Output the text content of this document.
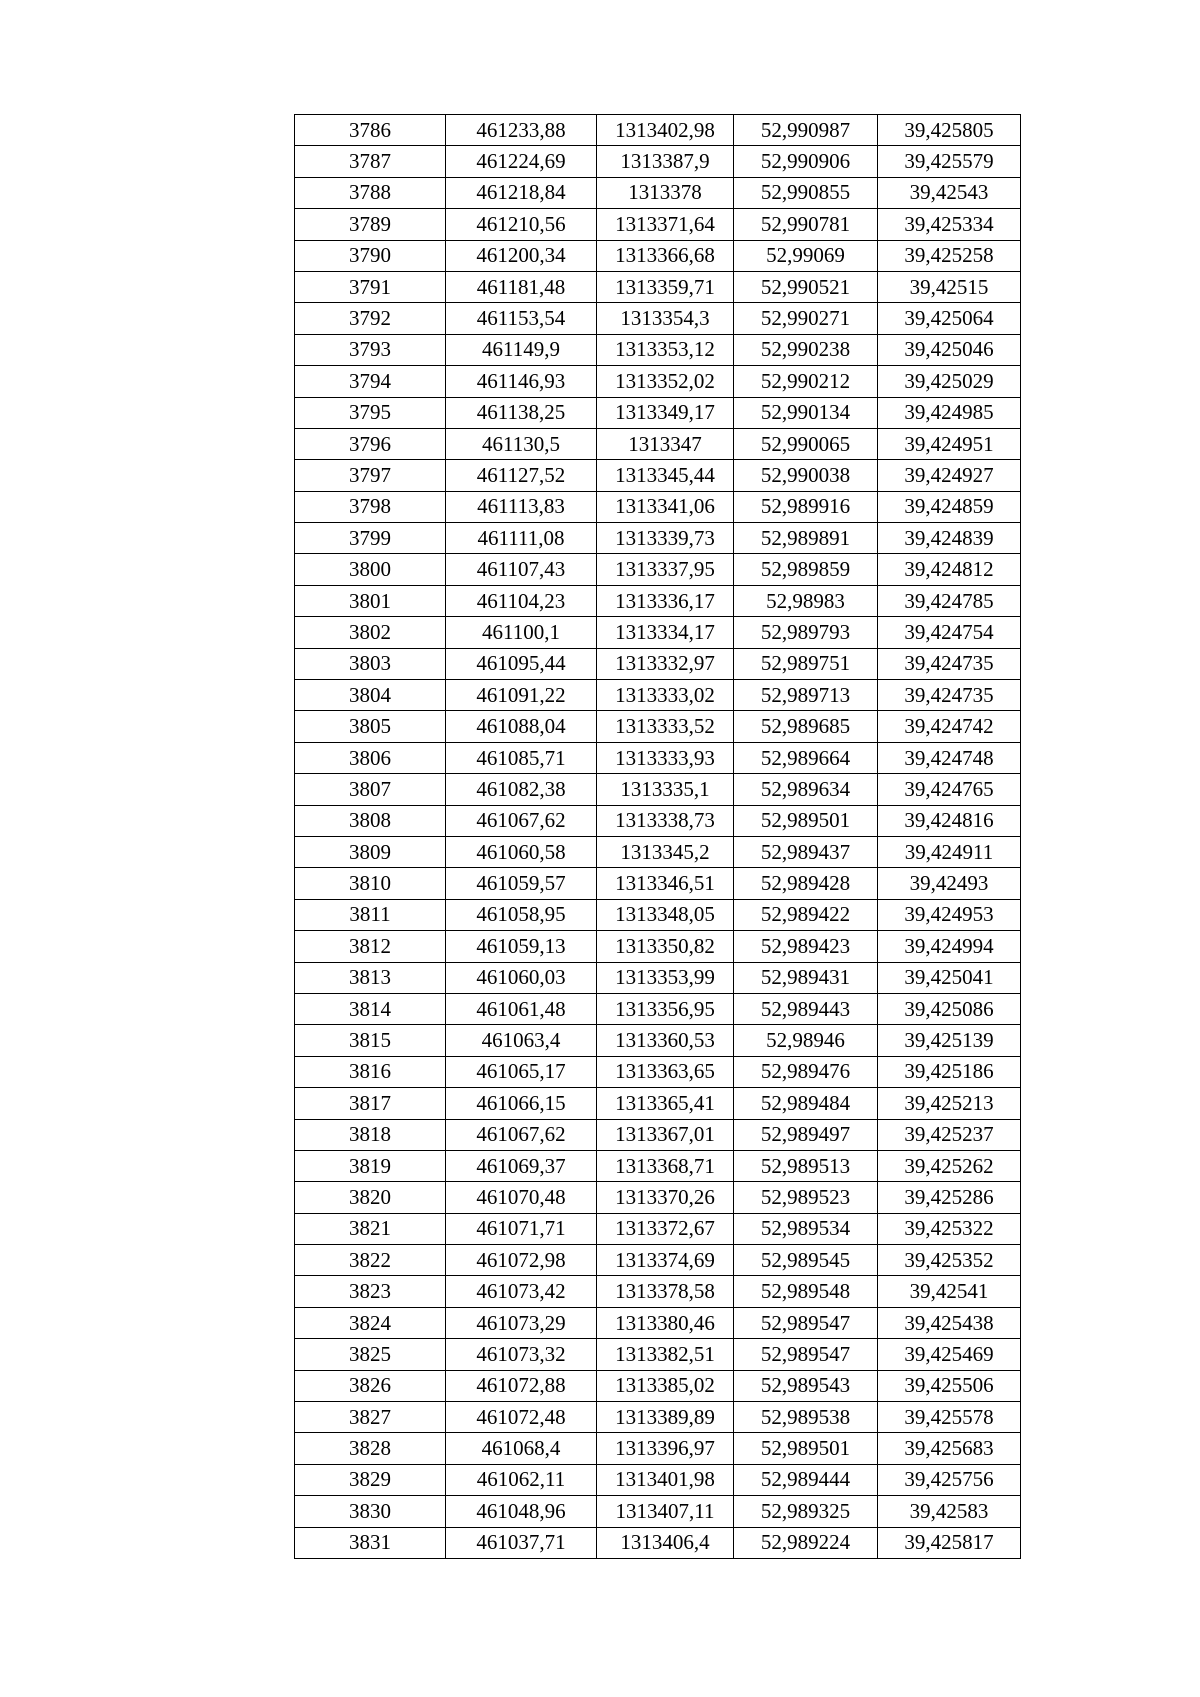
3786	461233,88	1313402,98	52,990987	39,425805
3787	461224,69	1313387,9	52,990906	39,425579
3788	461218,84	1313378	52,990855	39,42543
3789	461210,56	1313371,64	52,990781	39,425334
3790	461200,34	1313366,68	52,99069	39,425258
3791	461181,48	1313359,71	52,990521	39,42515
3792	461153,54	1313354,3	52,990271	39,425064
3793	461149,9	1313353,12	52,990238	39,425046
3794	461146,93	1313352,02	52,990212	39,425029
3795	461138,25	1313349,17	52,990134	39,424985
3796	461130,5	1313347	52,990065	39,424951
3797	461127,52	1313345,44	52,990038	39,424927
3798	461113,83	1313341,06	52,989916	39,424859
3799	461111,08	1313339,73	52,989891	39,424839
3800	461107,43	1313337,95	52,989859	39,424812
3801	461104,23	1313336,17	52,98983	39,424785
3802	461100,1	1313334,17	52,989793	39,424754
3803	461095,44	1313332,97	52,989751	39,424735
3804	461091,22	1313333,02	52,989713	39,424735
3805	461088,04	1313333,52	52,989685	39,424742
3806	461085,71	1313333,93	52,989664	39,424748
3807	461082,38	1313335,1	52,989634	39,424765
3808	461067,62	1313338,73	52,989501	39,424816
3809	461060,58	1313345,2	52,989437	39,424911
3810	461059,57	1313346,51	52,989428	39,42493
3811	461058,95	1313348,05	52,989422	39,424953
3812	461059,13	1313350,82	52,989423	39,424994
3813	461060,03	1313353,99	52,989431	39,425041
3814	461061,48	1313356,95	52,989443	39,425086
3815	461063,4	1313360,53	52,98946	39,425139
3816	461065,17	1313363,65	52,989476	39,425186
3817	461066,15	1313365,41	52,989484	39,425213
3818	461067,62	1313367,01	52,989497	39,425237
3819	461069,37	1313368,71	52,989513	39,425262
3820	461070,48	1313370,26	52,989523	39,425286
3821	461071,71	1313372,67	52,989534	39,425322
3822	461072,98	1313374,69	52,989545	39,425352
3823	461073,42	1313378,58	52,989548	39,42541
3824	461073,29	1313380,46	52,989547	39,425438
3825	461073,32	1313382,51	52,989547	39,425469
3826	461072,88	1313385,02	52,989543	39,425506
3827	461072,48	1313389,89	52,989538	39,425578
3828	461068,4	1313396,97	52,989501	39,425683
3829	461062,11	1313401,98	52,989444	39,425756
3830	461048,96	1313407,11	52,989325	39,42583
3831	461037,71	1313406,4	52,989224	39,425817
